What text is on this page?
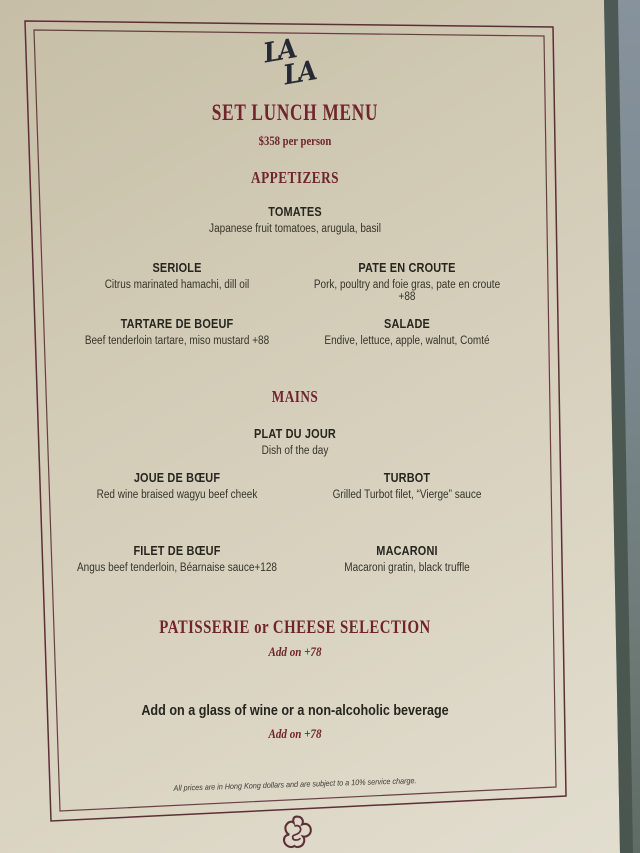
LA
LA
SET LUNCH MENU
$358 per person
APPETIZERS
TOMATES
Japanese fruit tomatoes, arugula, basil
SERIOLE
Citrus marinated hamachi, dill oil
PATE EN CROUTE
Pork, poultry and foie gras, pate en croute +88
TARTARE DE BOEUF
Beef tenderloin tartare, miso mustard +88
SALADE
Endive, lettuce, apple, walnut, Comté
MAINS
PLAT DU JOUR
Dish of the day
JOUE DE BŒUF
Red wine braised wagyu beef cheek
TURBOT
Grilled Turbot filet, “Vierge” sauce
FILET DE BŒUF
Angus beef tenderloin, Béarnaise sauce+128
MACARONI
Macaroni gratin, black truffle
PATISSERIE or CHEESE SELECTION
Add on +78
Add on a glass of wine or a non-alcoholic beverage
Add on +78
All prices are in Hong Kong dollars and are subject to a 10% service charge.
